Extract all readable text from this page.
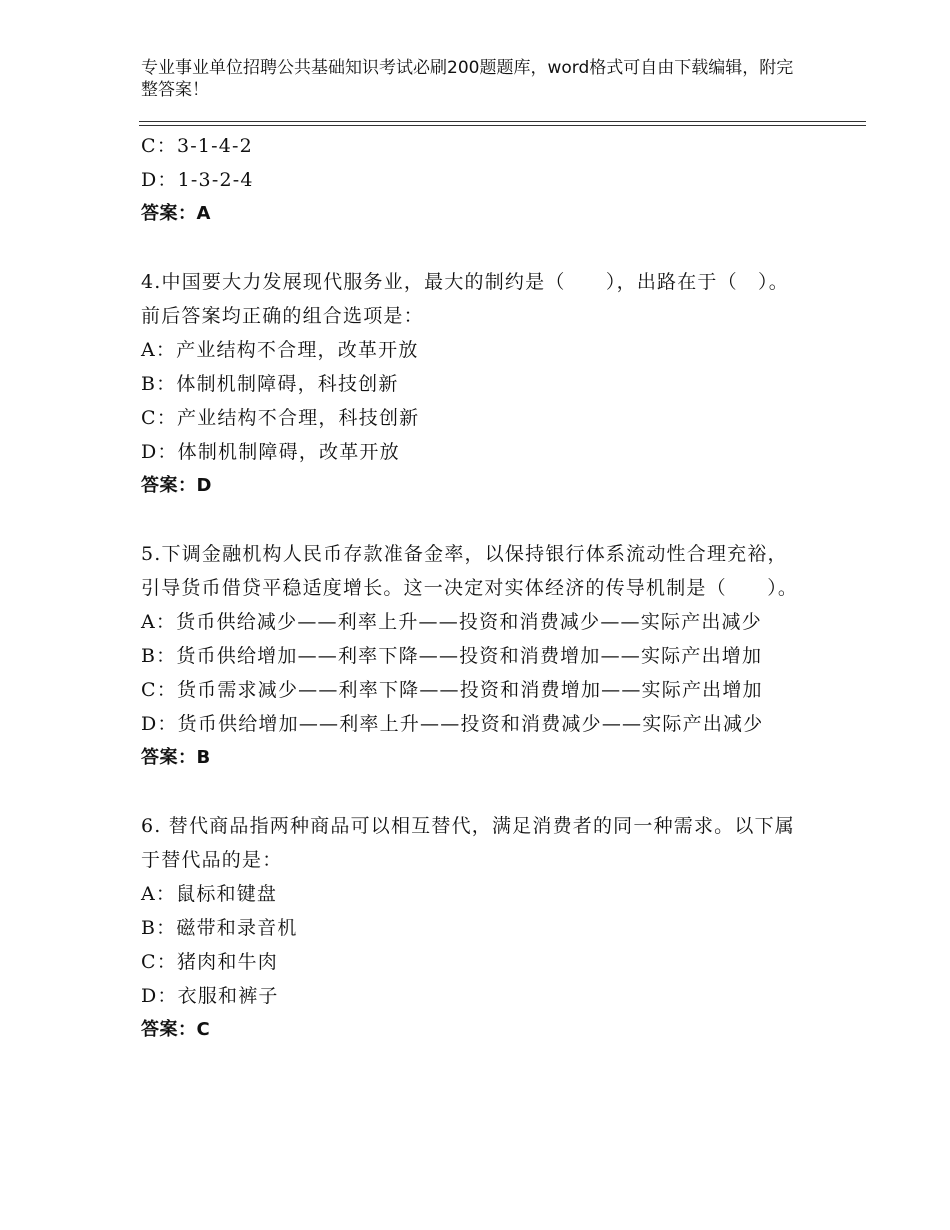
专业事业单位招聘公共基础知识考试必刷200题题库，word格式可自由下载编辑，附完整答案！
C：3-1-4-2
D：1-3-2-4
答案：A
4.中国要大力发展现代服务业，最大的制约是（　　），出路在于（　）。前后答案均正确的组合选项是：
A：产业结构不合理，改革开放
B：体制机制障碍，科技创新
C：产业结构不合理，科技创新
D：体制机制障碍，改革开放
答案：D
5.下调金融机构人民币存款准备金率，以保持银行体系流动性合理充裕，引导货币借贷平稳适度增长。这一决定对实体经济的传导机制是（　　）。
A：货币供给减少——利率上升——投资和消费减少——实际产出减少
B：货币供给增加——利率下降——投资和消费增加——实际产出增加
C：货币需求减少——利率下降——投资和消费增加——实际产出增加
D：货币供给增加——利率上升——投资和消费减少——实际产出减少
答案：B
6. 替代商品指两种商品可以相互替代，满足消费者的同一种需求。以下属于替代品的是：
A：鼠标和键盘
B：磁带和录音机
C：猪肉和牛肉
D：衣服和裤子
答案：C
